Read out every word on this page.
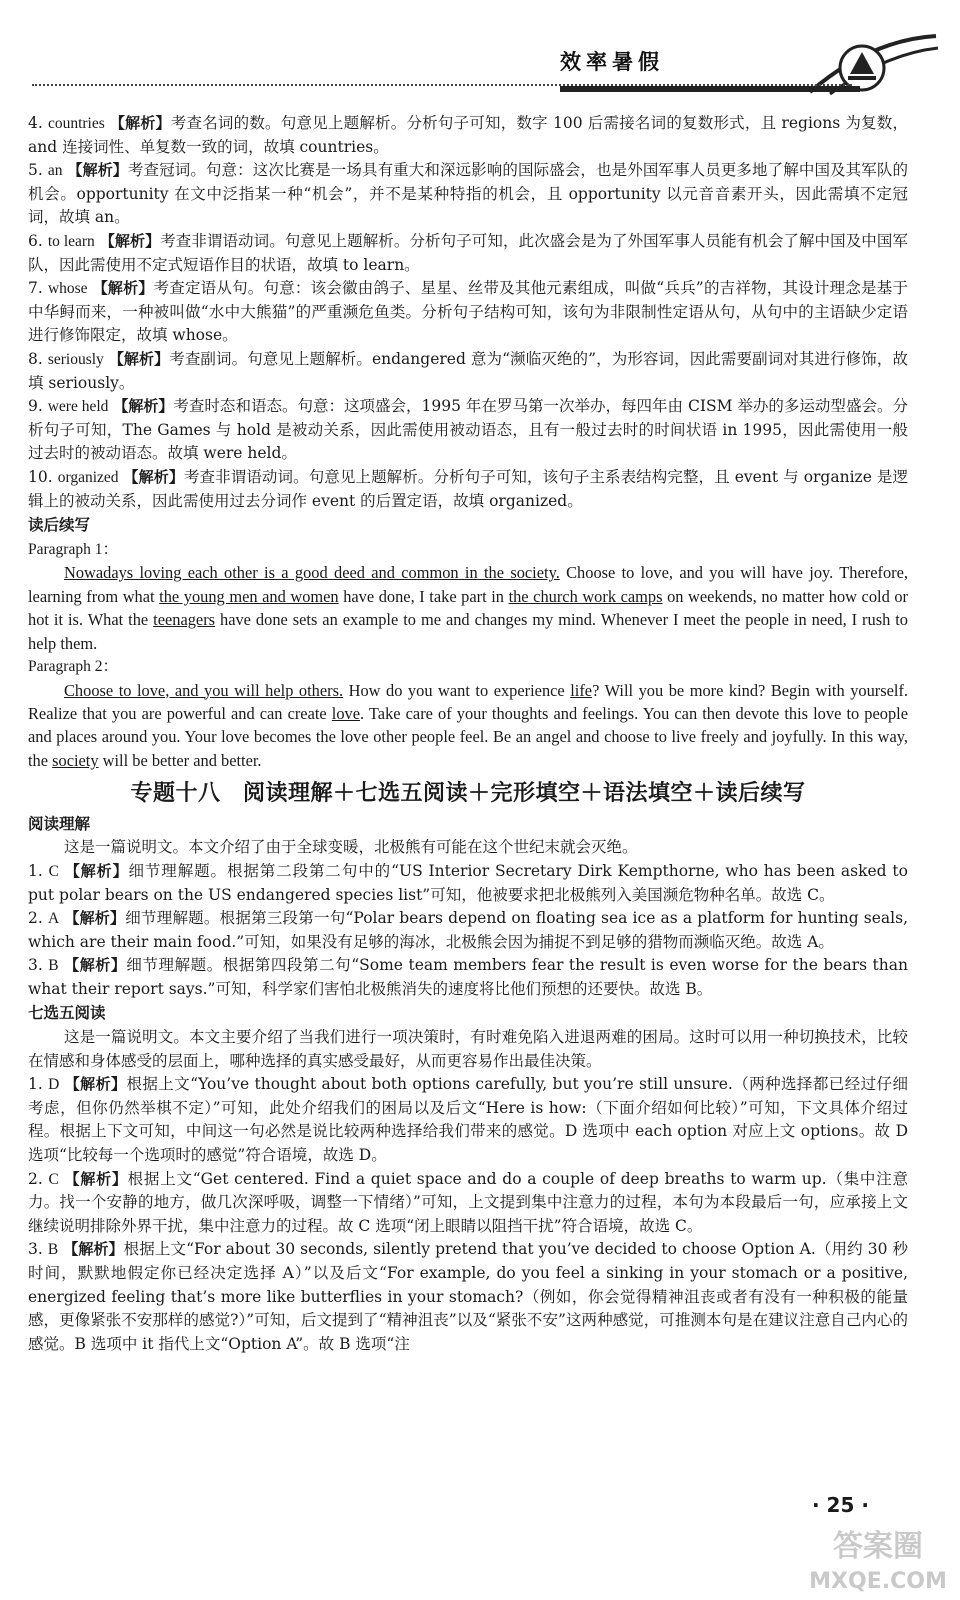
效率暑假

4. countries 【解析】考查名词的数。句意见上题解析。分析句子可知，数字 100 后需接名词的复数形式，且 regions 为复数，and 连接词性、单复数一致的词，故填 countries。

5. an 【解析】考查冠词。句意：这次比赛是一场具有重大和深远影响的国际盛会，也是外国军事人员更多地了解中国及其军队的机会。opportunity 在文中泛指某一种“机会”，并不是某种特指的机会，且 opportunity 以元音音素开头，因此需填不定冠词，故填 an。

6. to learn 【解析】考查非谓语动词。句意见上题解析。分析句子可知，此次盛会是为了外国军事人员能有机会了解中国及中国军队，因此需使用不定式短语作目的状语，故填 to learn。

7. whose 【解析】考查定语从句。句意：该会徽由鸽子、星星、丝带及其他元素组成，叫做“兵兵”的吉祥物，其设计理念是基于中华鲟而来，一种被叫做“水中大熊猫”的严重濒危鱼类。分析句子结构可知，该句为非限制性定语从句，从句中的主语缺少定语进行修饰限定，故填 whose。

8. seriously 【解析】考查副词。句意见上题解析。endangered 意为“濒临灭绝的”，为形容词，因此需要副词对其进行修饰，故填 seriously。

9. were held 【解析】考查时态和语态。句意：这项盛会，1995 年在罗马第一次举办，每四年由 CISM 举办的多运动型盛会。分析句子可知，The Games 与 hold 是被动关系，因此需使用被动语态，且有一般过去时的时间状语 in 1995，因此需使用一般过去时的被动语态。故填 were held。

10. organized 【解析】考查非谓语动词。句意见上题解析。分析句子可知，该句子主系表结构完整，且 event 与 organize 是逻辑上的被动关系，因此需使用过去分词作 event 的后置定语，故填 organized。

读后续写
Paragraph 1：

Nowadays loving each other is a good deed and common in the society. Choose to love, and you will have joy. Therefore, learning from what the young men and women have done, I take part in the church work camps on weekends, no matter how cold or hot it is. What the teenagers have done sets an example to me and changes my mind. Whenever I meet the people in need, I rush to help them.

Paragraph 2：

Choose to love, and you will help others. How do you want to experience life? Will you be more kind? Begin with yourself. Realize that you are powerful and can create love. Take care of your thoughts and feelings. You can then devote this love to people and places around you. Your love becomes the love other people feel. Be an angel and choose to live freely and joyfully. In this way, the society will be better and better.

专题十八　阅读理解＋七选五阅读＋完形填空＋语法填空＋读后续写
阅读理解

这是一篇说明文。本文介绍了由于全球变暖，北极熊有可能在这个世纪末就会灭绝。

1. C 【解析】细节理解题。根据第二段第二句中的“US Interior Secretary Dirk Kempthorne, who has been asked to put polar bears on the US endangered species list”可知，他被要求把北极熊列入美国濒危物种名单。故选 C。

2. A 【解析】细节理解题。根据第三段第一句“Polar bears depend on floating sea ice as a platform for hunting seals, which are their main food.”可知，如果没有足够的海冰，北极熊会因为捕捉不到足够的猎物而濒临灭绝。故选 A。

3. B 【解析】细节理解题。根据第四段第二句“Some team members fear the result is even worse for the bears than what their report says.”可知，科学家们害怕北极熊消失的速度将比他们预想的还要快。故选 B。

七选五阅读

这是一篇说明文。本文主要介绍了当我们进行一项决策时，有时难免陷入进退两难的困局。这时可以用一种切换技术，比较在情感和身体感受的层面上，哪种选择的真实感受最好，从而更容易作出最佳决策。

1. D 【解析】根据上文“You’ve thought about both options carefully, but you’re still unsure.（两种选择都已经过仔细考虑，但你仍然举棋不定）”可知，此处介绍我们的困局以及后文“Here is how:（下面介绍如何比较）”可知，下文具体介绍过程。根据上下文可知，中间这一句必然是说比较两种选择给我们带来的感觉。D 选项中 each option 对应上文 options。故 D 选项“比较每一个选项时的感觉”符合语境，故选 D。

2. C 【解析】根据上文“Get centered. Find a quiet space and do a couple of deep breaths to warm up.（集中注意力。找一个安静的地方，做几次深呼吸，调整一下情绪）”可知，上文提到集中注意力的过程，本句为本段最后一句，应承接上文继续说明排除外界干扰，集中注意力的过程。故 C 选项“闭上眼睛以阻挡干扰”符合语境，故选 C。

3. B 【解析】根据上文“For about 30 seconds, silently pretend that you’ve decided to choose Option A.（用约 30 秒时间，默默地假定你已经决定选择 A）”以及后文“For example, do you feel a sinking in your stomach or a positive, energized feeling that’s more like butterflies in your stomach?（例如，你会觉得精神沮丧或者有没有一种积极的能量感，更像紧张不安那样的感觉?）”可知，后文提到了“精神沮丧”以及“紧张不安”这两种感觉，可推测本句是在建议注意自己内心的感觉。B 选项中 it 指代上文“Option A”。故 B 选项“注

· 25 ·
答案圈
MXQE.COM
